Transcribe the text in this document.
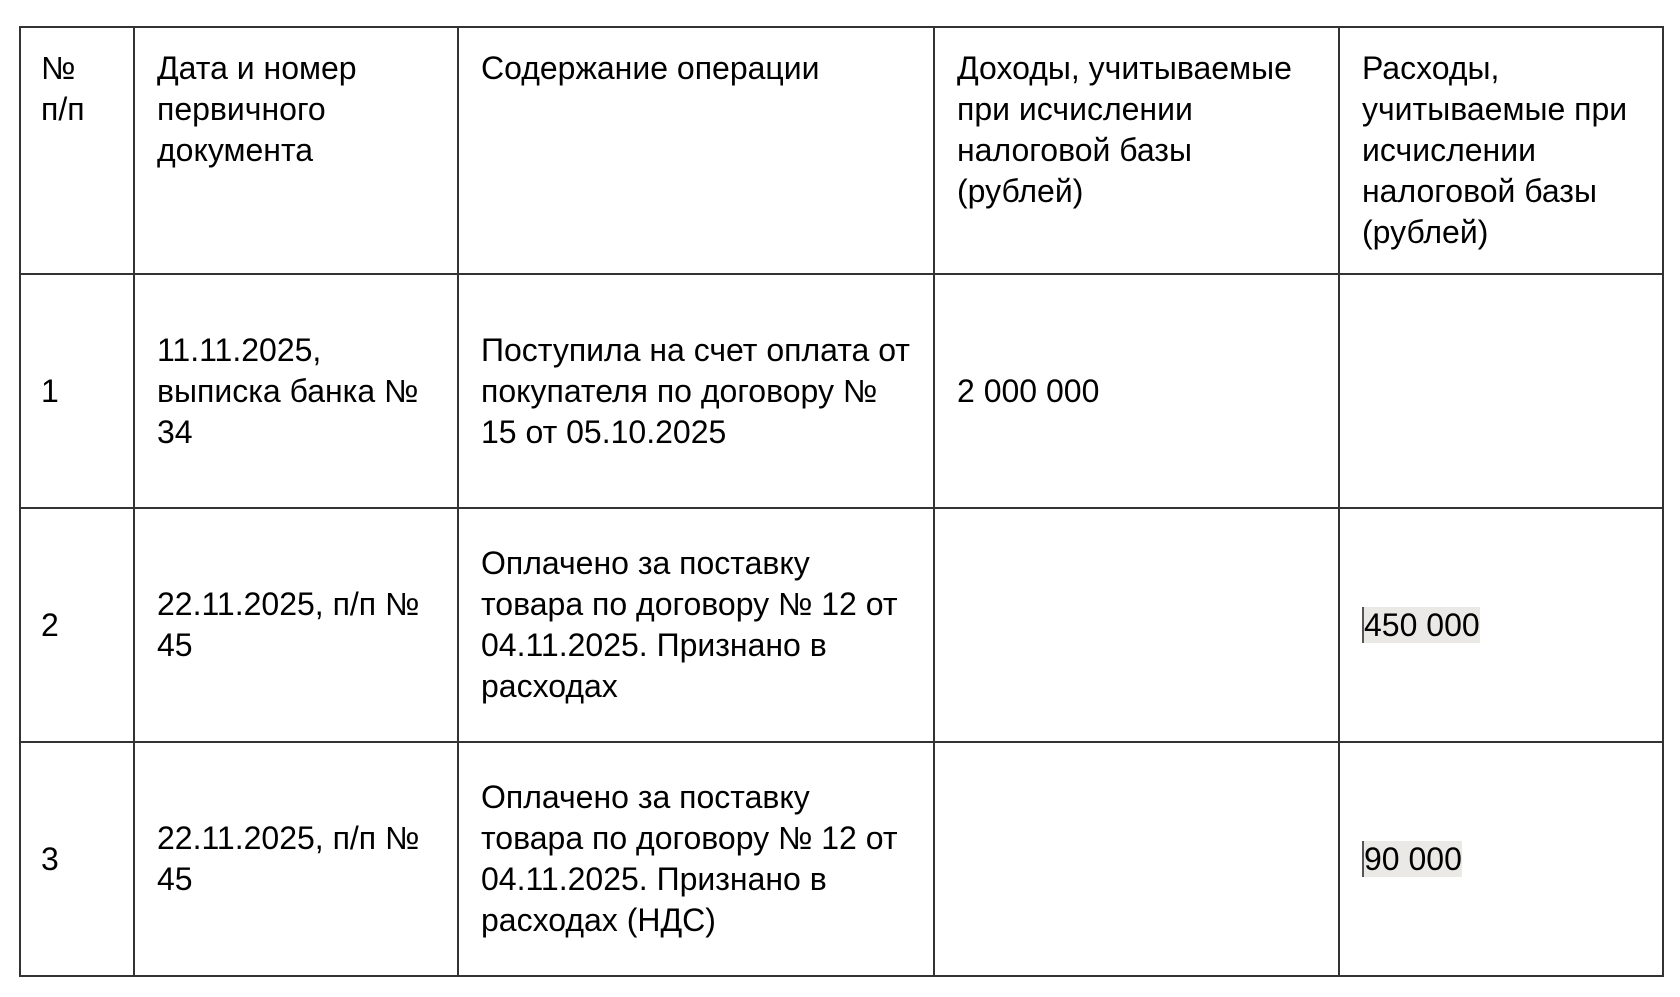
№ п/п	Дата и номер первичного документа	Содержание операции	Доходы, учитываемые при исчислении налоговой базы (рублей)	Расходы, учитываемые при исчислении налоговой базы (рублей)
1	11.11.2025, выписка банка № 34	Поступила на счет оплата от покупателя по договору № 15 от 05.10.2025	2 000 000	
2	22.11.2025, п/п № 45	Оплачено за поставку товара по договору № 12 от 04.11.2025. Признано в расходах		450 000
3	22.11.2025, п/п № 45	Оплачено за поставку товара по договору № 12 от 04.11.2025. Признано в расходах (НДС)		90 000
